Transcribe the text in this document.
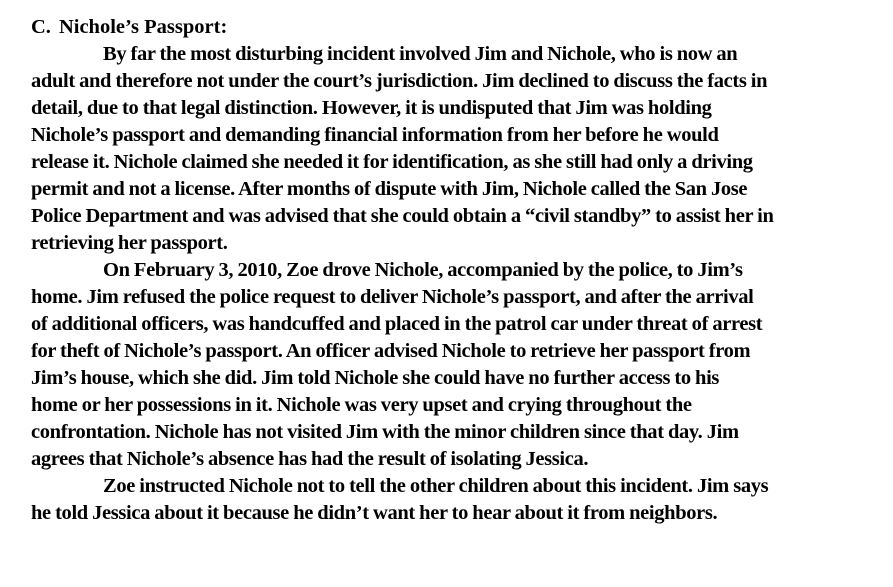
C. Nichole’s Passport:
By far the most disturbing incident involved Jim and Nichole, who is now an
adult and therefore not under the court’s jurisdiction. Jim declined to discuss the facts in
detail, due to that legal distinction. However, it is undisputed that Jim was holding
Nichole’s passport and demanding financial information from her before he would
release it. Nichole claimed she needed it for identification, as she still had only a driving
permit and not a license. After months of dispute with Jim, Nichole called the San Jose
Police Department and was advised that she could obtain a “civil standby” to assist her in
retrieving her passport.
On February 3, 2010, Zoe drove Nichole, accompanied by the police, to Jim’s
home. Jim refused the police request to deliver Nichole’s passport, and after the arrival
of additional officers, was handcuffed and placed in the patrol car under threat of arrest
for theft of Nichole’s passport. An officer advised Nichole to retrieve her passport from
Jim’s house, which she did. Jim told Nichole she could have no further access to his
home or her possessions in it. Nichole was very upset and crying throughout the
confrontation. Nichole has not visited Jim with the minor children since that day. Jim
agrees that Nichole’s absence has had the result of isolating Jessica.
Zoe instructed Nichole not to tell the other children about this incident. Jim says
he told Jessica about it because he didn’t want her to hear about it from neighbors.
